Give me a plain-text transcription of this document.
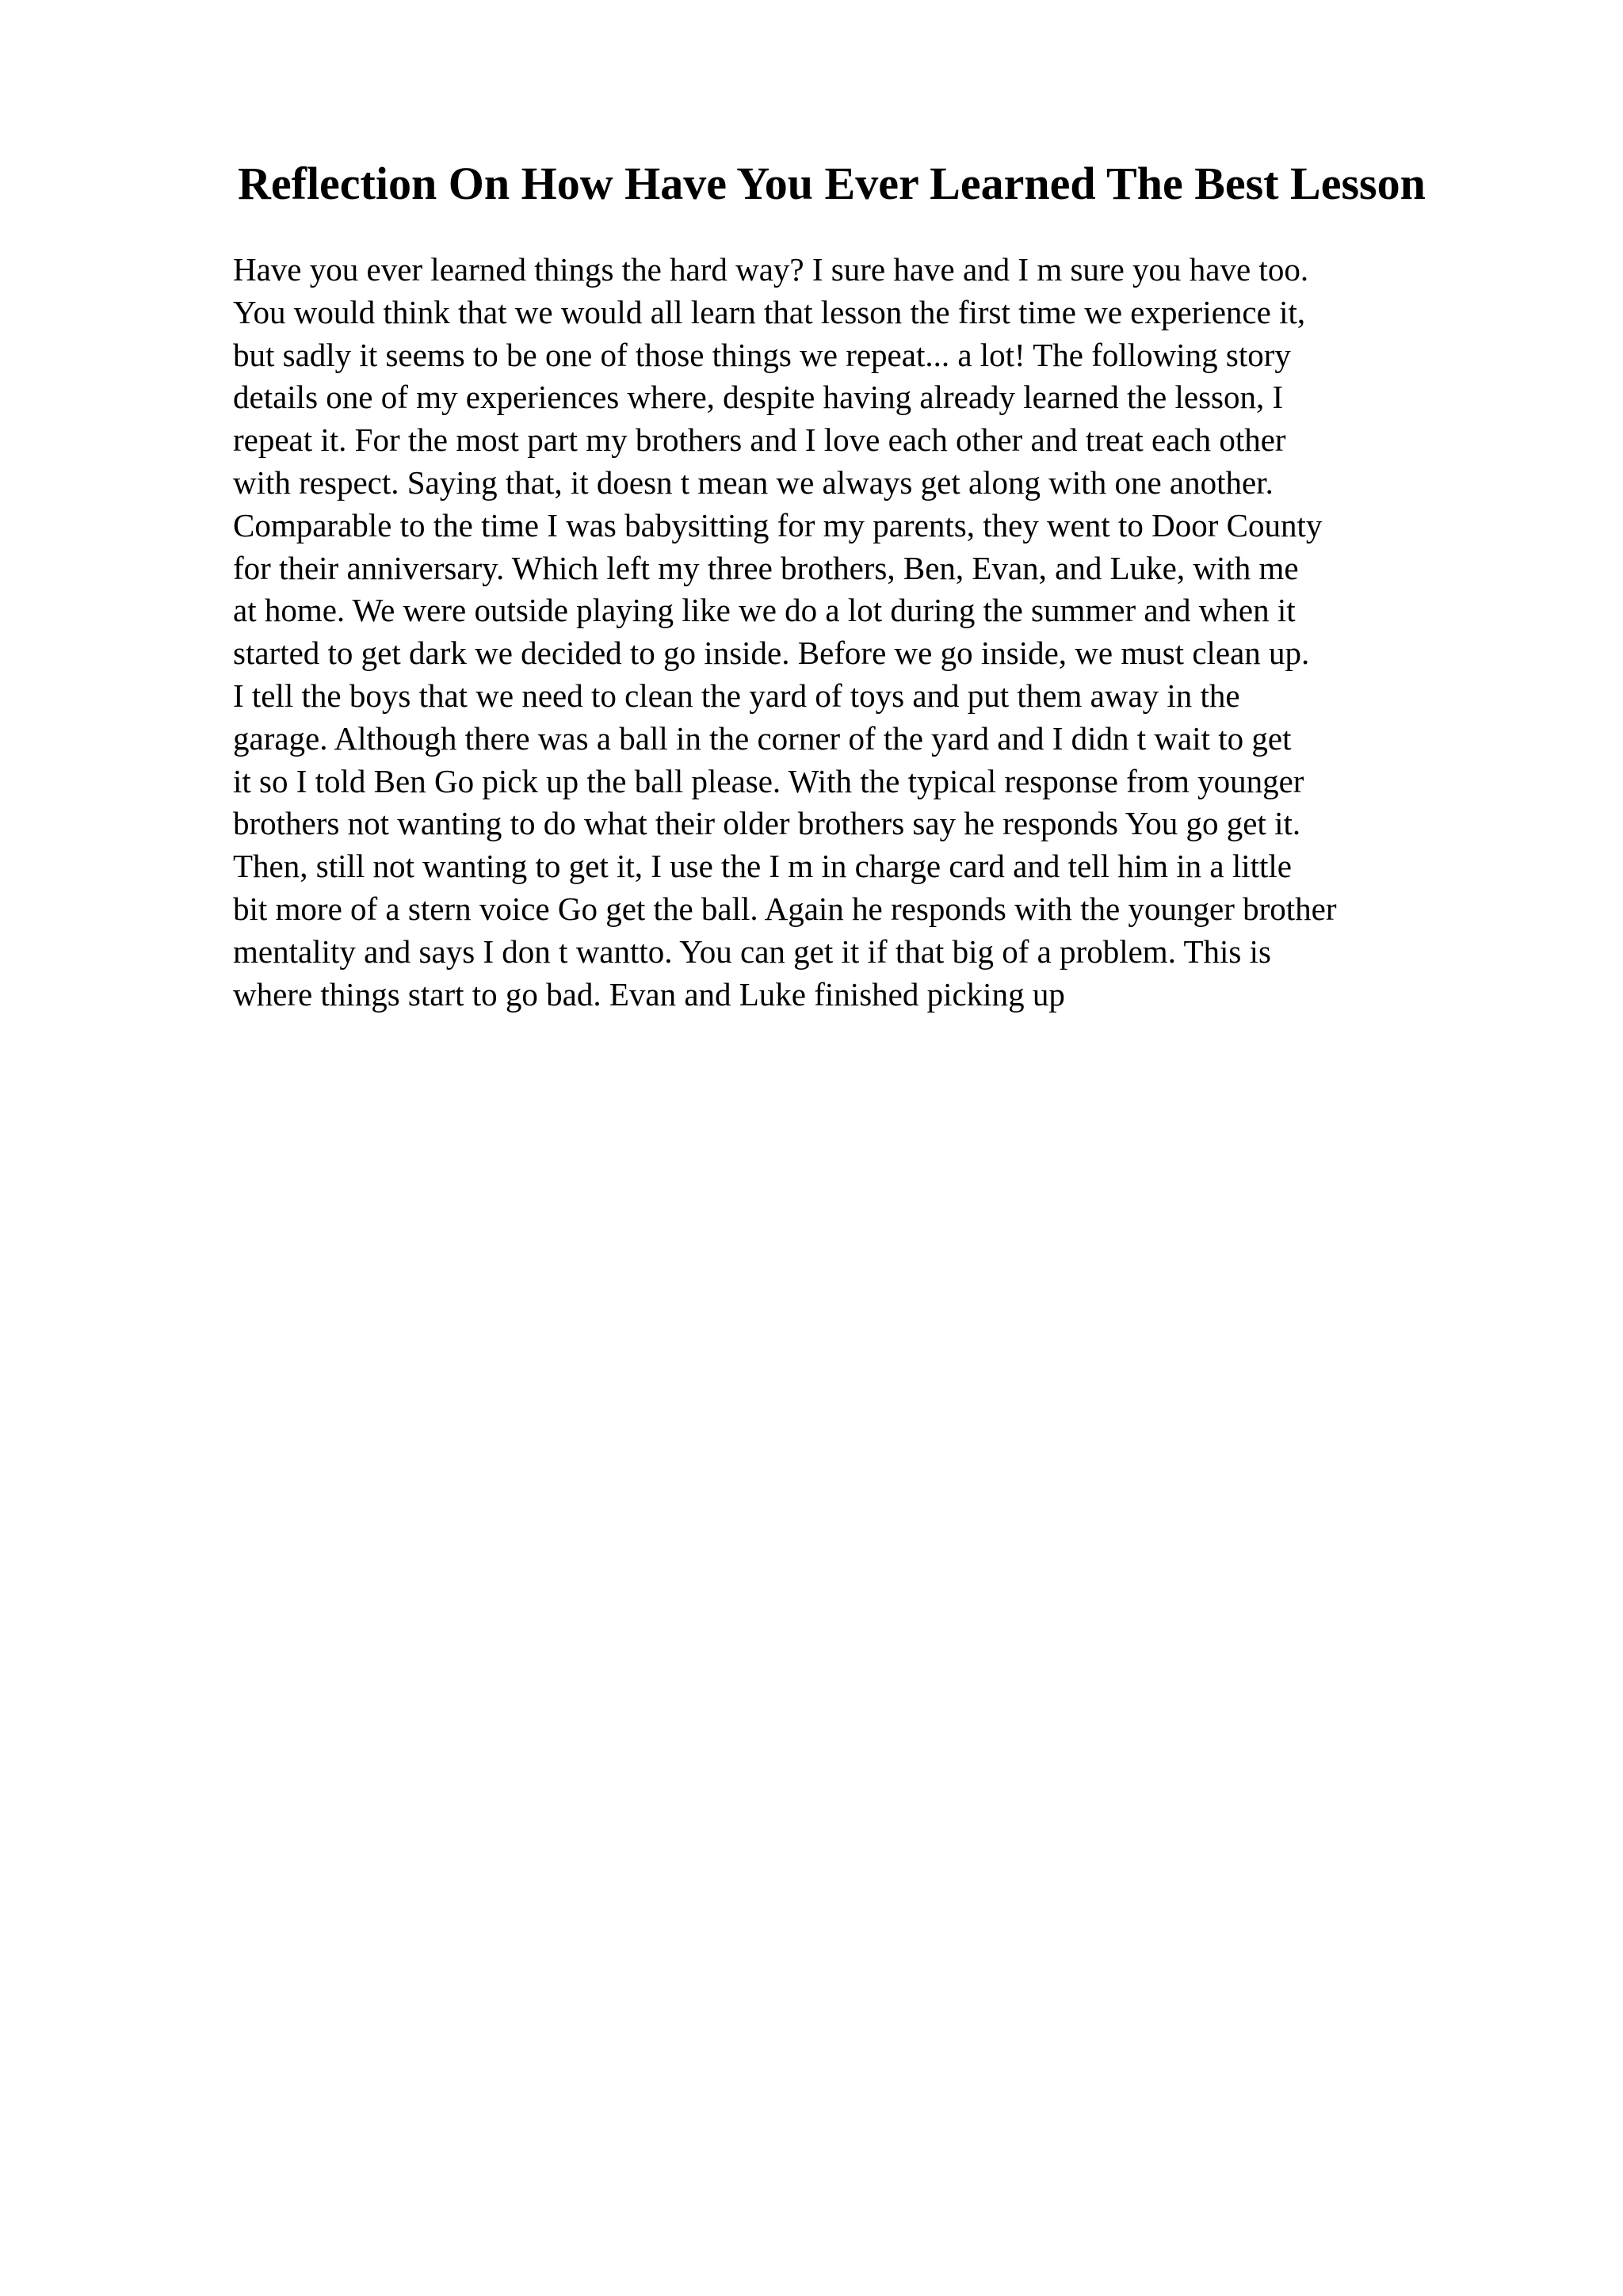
Reflection On How Have You Ever Learned The Best Lesson
Have you ever learned things the hard way? I sure have and I m sure you have too.
You would think that we would all learn that lesson the first time we experience it,
but sadly it seems to be one of those things we repeat... a lot! The following story
details one of my experiences where, despite having already learned the lesson, I
repeat it. For the most part my brothers and I love each other and treat each other
with respect. Saying that, it doesn t mean we always get along with one another.
Comparable to the time I was babysitting for my parents, they went to Door County
for their anniversary. Which left my three brothers, Ben, Evan, and Luke, with me
at home. We were outside playing like we do a lot during the summer and when it
started to get dark we decided to go inside. Before we go inside, we must clean up.
I tell the boys that we need to clean the yard of toys and put them away in the
garage. Although there was a ball in the corner of the yard and I didn t wait to get
it so I told Ben Go pick up the ball please. With the typical response from younger
brothers not wanting to do what their older brothers say he responds You go get it.
Then, still not wanting to get it, I use the I m in charge card and tell him in a little
bit more of a stern voice Go get the ball. Again he responds with the younger brother
mentality and says I don t wantto. You can get it if that big of a problem. This is
where things start to go bad. Evan and Luke finished picking up
